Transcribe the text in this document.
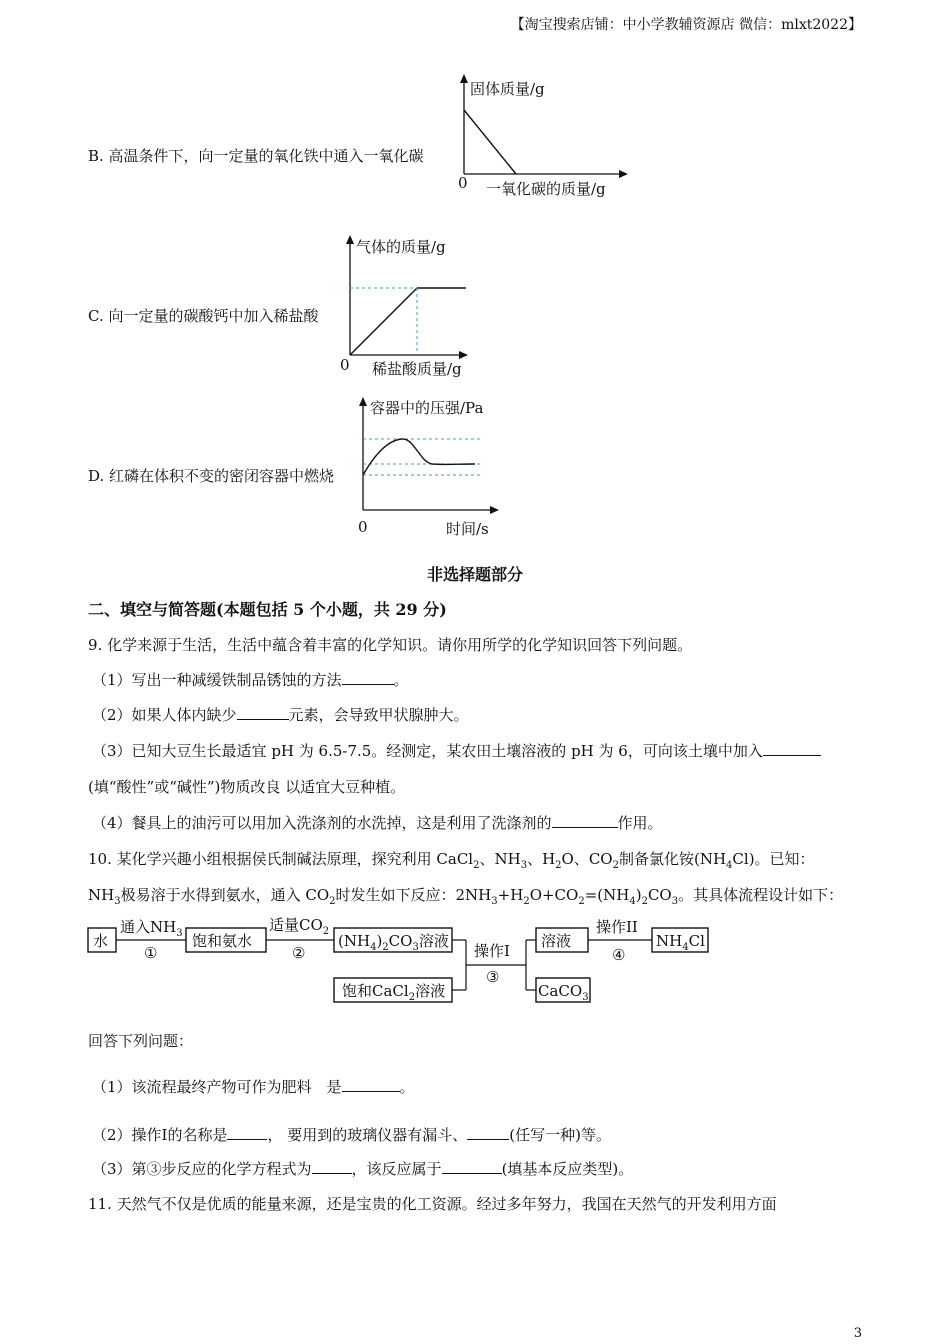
【淘宝搜索店铺：中小学教辅资源店 微信：mlxt2022】
B. 高温条件下，向一定量的氧化铁中通入一氧化碳
固体质量/g
0 一氧化碳的质量/g
C. 向一定量的碳酸钙中加入稀盐酸
气体的质量/g
0 稀盐酸质量/g
D. 红磷在体积不变的密闭容器中燃烧
容器中的压强/Pa
0	时间/s
非选择题部分
二、填空与简答题(本题包括 5 个小题，共 29 分)
9. 化学来源于生活，生活中蕴含着丰富的化学知识。请你用所学的化学知识回答下列问题。
（1）写出一种减缓铁制品锈蚀的方法	。
（2）如果人体内缺少	元素，会导致甲状腺肿大。
（3）已知大豆生长最适宜 pH 为 6.5-7.5。经测定，某农田土壤溶液的 pH 为 6，可向该土壤中加入
(填“酸性”或“碱性”)物质改良 以适宜大豆种植。
（4）餐具上的油污可以用加入洗涤剂的水洗掉，这是利用了洗涤剂的	作用。
10. 某化学兴趣小组根据侯氏制碱法原理，探究利用 CaCl$_2$、$NH_3$、$H_2O$、$CO_2$制备氯化铵$(NH_4Cl)$。已知：
$NH_3$极易溶于水得到氨水，通入 $CO_2$时发生如下反应：$2NH_3+H_2O+CO_2=(NH_4)_2CO_3$。其具体流程设计如下：
水
通入$NH_3$
①
饱和氨水
适量$CO_2$
②
$(NH_4)_2CO_3$溶液
饱和CaCl$_2$溶液
操作I
③
溶液
操作II
④
$NH_4Cl$
CaCO$_3$
回答下列问题：
（1）该流程最终产物可作为肥料　是	。
（2）操作Ⅰ的名称是	， 要用到的玻璃仪器有漏斗、	(任写一种)等。
（3）第③步反应的化学方程式为	，该反应属于	(填基本反应类型)。
11. 天然气不仅是优质的能量来源，还是宝贵的化工资源。经过多年努力，我国在天然气的开发利用方面
3
